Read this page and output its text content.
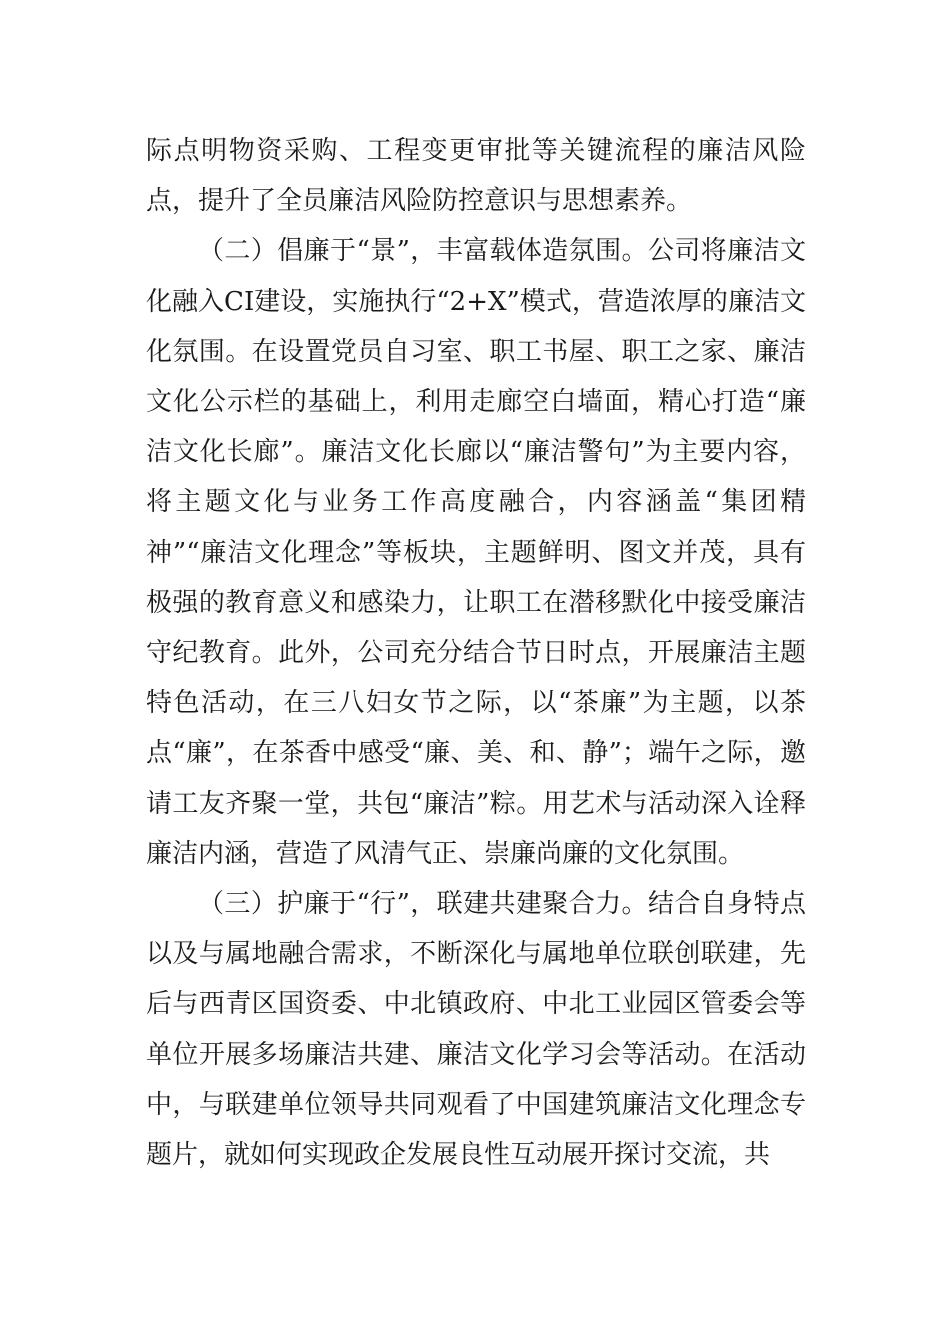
际点明物资采购、工程变更审批等关键流程的廉洁风险点，提升了全员廉洁风险防控意识与思想素养。

（二）倡廉于“景”，丰富载体造氛围。公司将廉洁文化融入CI建设，实施执行“2+X”模式，营造浓厚的廉洁文化氛围。在设置党员自习室、职工书屋、职工之家、廉洁文化公示栏的基础上，利用走廊空白墙面，精心打造“廉洁文化长廊”。廉洁文化长廊以“廉洁警句”为主要内容，将主题文化与业务工作高度融合，内容涵盖“集团精神”“廉洁文化理念”等板块，主题鲜明、图文并茂，具有极强的教育意义和感染力，让职工在潜移默化中接受廉洁守纪教育。此外，公司充分结合节日时点，开展廉洁主题特色活动，在三八妇女节之际，以“茶廉”为主题，以茶点“廉”，在茶香中感受“廉、美、和、静”；端午之际，邀请工友齐聚一堂，共包“廉洁”粽。用艺术与活动深入诠释廉洁内涵，营造了风清气正、崇廉尚廉的文化氛围。

（三）护廉于“行”，联建共建聚合力。结合自身特点以及与属地融合需求，不断深化与属地单位联创联建，先后与西青区国资委、中北镇政府、中北工业园区管委会等单位开展多场廉洁共建、廉洁文化学习会等活动。在活动中，与联建单位领导共同观看了中国建筑廉洁文化理念专题片，就如何实现政企发展良性互动展开探讨交流，共
